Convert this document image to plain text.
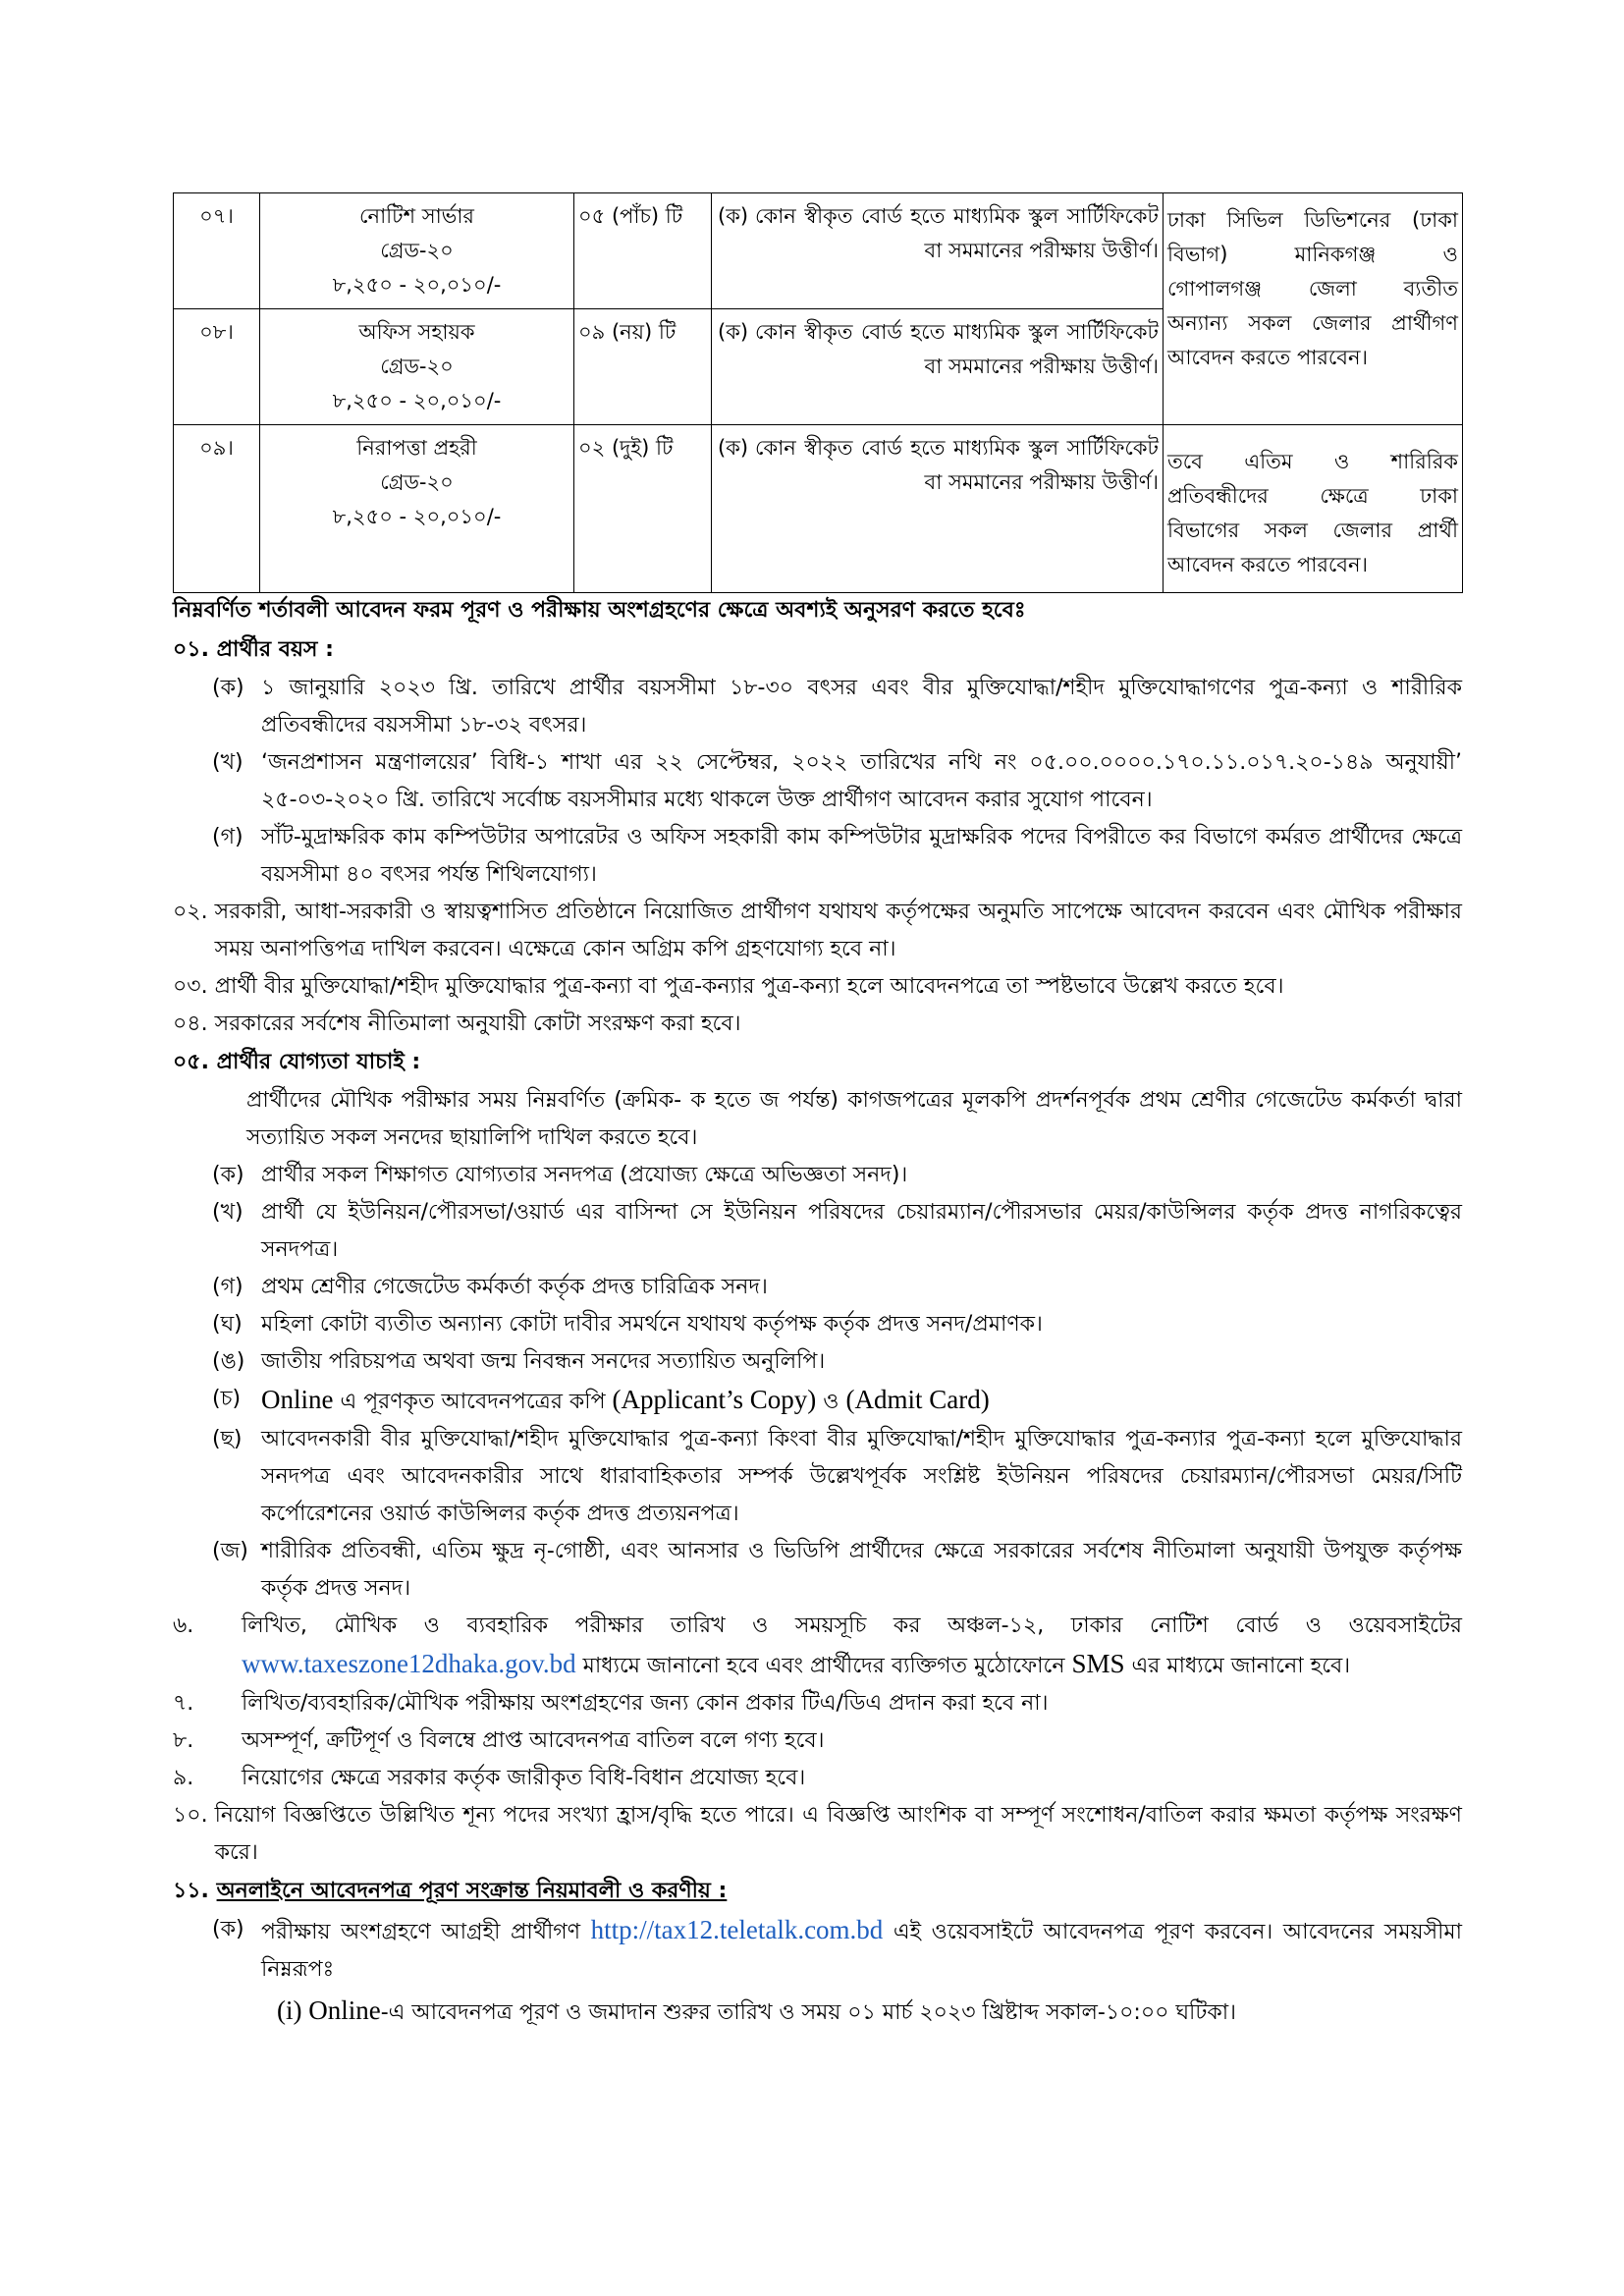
০৭।	নোটিশ সার্ভার
গ্রেড-২০
৮,২৫০ - ২০,০১০/-	০৫ (পাঁচ) টি	(ক) কোন স্বীকৃত বোর্ড হতে মাধ্যমিক স্কুল সার্টিফিকেট বা সমমানের পরীক্ষায় উত্তীর্ণ।	ঢাকা সিভিল ডিভিশনের (ঢাকা
বিভাগ) মানিকগঞ্জ ও
গোপালগঞ্জ জেলা ব্যতীত
অন্যান্য সকল জেলার প্রার্থীগণ
আবেদন করতে পারবেন।

০৮।	অফিস সহায়ক
গ্রেড-২০
৮,২৫০ - ২০,০১০/-	০৯ (নয়) টি	(ক) কোন স্বীকৃত বোর্ড হতে মাধ্যমিক স্কুল সার্টিফিকেট বা সমমানের পরীক্ষায় উত্তীর্ণ।	

০৯।	নিরাপত্তা প্রহরী
গ্রেড-২০
৮,২৫০ - ২০,০১০/-	০২ (দুই) টি	(ক) কোন স্বীকৃত বোর্ড হতে মাধ্যমিক স্কুল সার্টিফিকেট বা সমমানের পরীক্ষায় উত্তীর্ণ।	তবে এতিম ও শারিরিক
প্রতিবন্ধীদের ক্ষেত্রে ঢাকা
বিভাগের সকল জেলার প্রার্থী
আবেদন করতে পারবেন।
নিম্নবর্ণিত শর্তাবলী আবেদন ফরম পূরণ ও পরীক্ষায় অংশগ্রহণের ক্ষেত্রে অবশ্যই অনুসরণ করতে হবেঃ
০১. প্রার্থীর বয়স :
(ক) ১ জানুয়ারি ২০২৩ খ্রি. তারিখে প্রার্থীর বয়সসীমা ১৮-৩০ বৎসর এবং বীর মুক্তিযোদ্ধা/শহীদ মুক্তিযোদ্ধাগণের পুত্র-কন্যা ও শারীরিক প্রতিবন্ধীদের বয়সসীমা ১৮-৩২ বৎসর।
(খ) ‘জনপ্রশাসন মন্ত্রণালয়ের’ বিধি-১ শাখা এর ২২ সেপ্টেম্বর, ২০২২ তারিখের নথি নং ০৫.০০.০০০০.১৭০.১১.০১৭.২০-১৪৯ অনুযায়ী’ ২৫-০৩-২০২০ খ্রি. তারিখে সর্বোচ্চ বয়সসীমার মধ্যে থাকলে উক্ত প্রার্থীগণ আবেদন করার সুযোগ পাবেন।
(গ) সাঁট-মুদ্রাক্ষরিক কাম কম্পিউটার অপারেটর ও অফিস সহকারী কাম কম্পিউটার মুদ্রাক্ষরিক পদের বিপরীতে কর বিভাগে কর্মরত প্রার্থীদের ক্ষেত্রে বয়সসীমা ৪০ বৎসর পর্যন্ত শিথিলযোগ্য।
০২. সরকারী, আধা-সরকারী ও স্বায়ত্বশাসিত প্রতিষ্ঠানে নিয়োজিত প্রার্থীগণ যথাযথ কর্তৃপক্ষের অনুমতি সাপেক্ষে আবেদন করবেন এবং মৌখিক পরীক্ষার সময় অনাপত্তিপত্র দাখিল করবেন। এক্ষেত্রে কোন অগ্রিম কপি গ্রহণযোগ্য হবে না।
০৩. প্রার্থী বীর মুক্তিযোদ্ধা/শহীদ মুক্তিযোদ্ধার পুত্র-কন্যা বা পুত্র-কন্যার পুত্র-কন্যা হলে আবেদনপত্রে তা স্পষ্টভাবে উল্লেখ করতে হবে।
০৪. সরকারের সর্বশেষ নীতিমালা অনুযায়ী কোটা সংরক্ষণ করা হবে।
০৫. প্রার্থীর যোগ্যতা যাচাই :
প্রার্থীদের মৌখিক পরীক্ষার সময় নিম্নবর্ণিত (ক্রমিক- ক হতে জ পর্যন্ত) কাগজপত্রের মূলকপি প্রদর্শনপূর্বক প্রথম শ্রেণীর গেজেটেড কর্মকর্তা দ্বারা সত্যায়িত সকল সনদের ছায়ালিপি দাখিল করতে হবে।
(ক) প্রার্থীর সকল শিক্ষাগত যোগ্যতার সনদপত্র (প্রযোজ্য ক্ষেত্রে অভিজ্ঞতা সনদ)।
(খ) প্রার্থী যে ইউনিয়ন/পৌরসভা/ওয়ার্ড এর বাসিন্দা সে ইউনিয়ন পরিষদের চেয়ারম্যান/পৌরসভার মেয়র/কাউন্সিলর কর্তৃক প্রদত্ত নাগরিকত্বের সনদপত্র।
(গ) প্রথম শ্রেণীর গেজেটেড কর্মকর্তা কর্তৃক প্রদত্ত চারিত্রিক সনদ।
(ঘ) মহিলা কোটা ব্যতীত অন্যান্য কোটা দাবীর সমর্থনে যথাযথ কর্তৃপক্ষ কর্তৃক প্রদত্ত সনদ/প্রমাণক।
(ঙ) জাতীয় পরিচয়পত্র অথবা জন্ম নিবন্ধন সনদের সত্যায়িত অনুলিপি।
(চ) Online এ পূরণকৃত আবেদনপত্রের কপি (Applicant’s Copy) ও (Admit Card)
(ছ) আবেদনকারী বীর মুক্তিযোদ্ধা/শহীদ মুক্তিযোদ্ধার পুত্র-কন্যা কিংবা বীর মুক্তিযোদ্ধা/শহীদ মুক্তিযোদ্ধার পুত্র-কন্যার পুত্র-কন্যা হলে মুক্তিযোদ্ধার সনদপত্র এবং আবেদনকারীর সাথে ধারাবাহিকতার সম্পর্ক উল্লেখপূর্বক সংশ্লিষ্ট ইউনিয়ন পরিষদের চেয়ারম্যান/পৌরসভা মেয়র/সিটি কর্পোরেশনের ওয়ার্ড কাউন্সিলর কর্তৃক প্রদত্ত প্রত্যয়নপত্র।
(জ) শারীরিক প্রতিবন্ধী, এতিম ক্ষুদ্র নৃ-গোষ্ঠী, এবং আনসার ও ভিডিপি প্রার্থীদের ক্ষেত্রে সরকারের সর্বশেষ নীতিমালা অনুযায়ী উপযুক্ত কর্তৃপক্ষ কর্তৃক প্রদত্ত সনদ।
৬.	লিখিত, মৌখিক ও ব্যবহারিক পরীক্ষার তারিখ ও সময়সূচি কর অঞ্চল-১২, ঢাকার নোটিশ বোর্ড ও ওয়েবসাইটের www.taxeszone12dhaka.gov.bd মাধ্যমে জানানো হবে এবং প্রার্থীদের ব্যক্তিগত মুঠোফোনে SMS এর মাধ্যমে জানানো হবে।
৭.	লিখিত/ব্যবহারিক/মৌখিক পরীক্ষায় অংশগ্রহণের জন্য কোন প্রকার টিএ/ডিএ প্রদান করা হবে না।
৮.	অসম্পূর্ণ, ক্রটিপূর্ণ ও বিলম্বে প্রাপ্ত আবেদনপত্র বাতিল বলে গণ্য হবে।
৯.	নিয়োগের ক্ষেত্রে সরকার কর্তৃক জারীকৃত বিধি-বিধান প্রযোজ্য হবে।
১০. নিয়োগ বিজ্ঞপ্তিতে উল্লিখিত শূন্য পদের সংখ্যা হ্রাস/বৃদ্ধি হতে পারে। এ বিজ্ঞপ্তি আংশিক বা সম্পূর্ণ সংশোধন/বাতিল করার ক্ষমতা কর্তৃপক্ষ সংরক্ষণ করে।
১১. অনলাইনে আবেদনপত্র পূরণ সংক্রান্ত নিয়মাবলী ও করণীয় :
(ক) পরীক্ষায় অংশগ্রহণে আগ্রহী প্রার্থীগণ http://tax12.teletalk.com.bd এই ওয়েবসাইটে আবেদনপত্র পূরণ করবেন। আবেদনের সময়সীমা নিম্নরূপঃ
(i) Online-এ আবেদনপত্র পূরণ ও জমাদান শুরুর তারিখ ও সময় ০১ মার্চ ২০২৩ খ্রিষ্টাব্দ সকাল-১০:০০ ঘটিকা।
